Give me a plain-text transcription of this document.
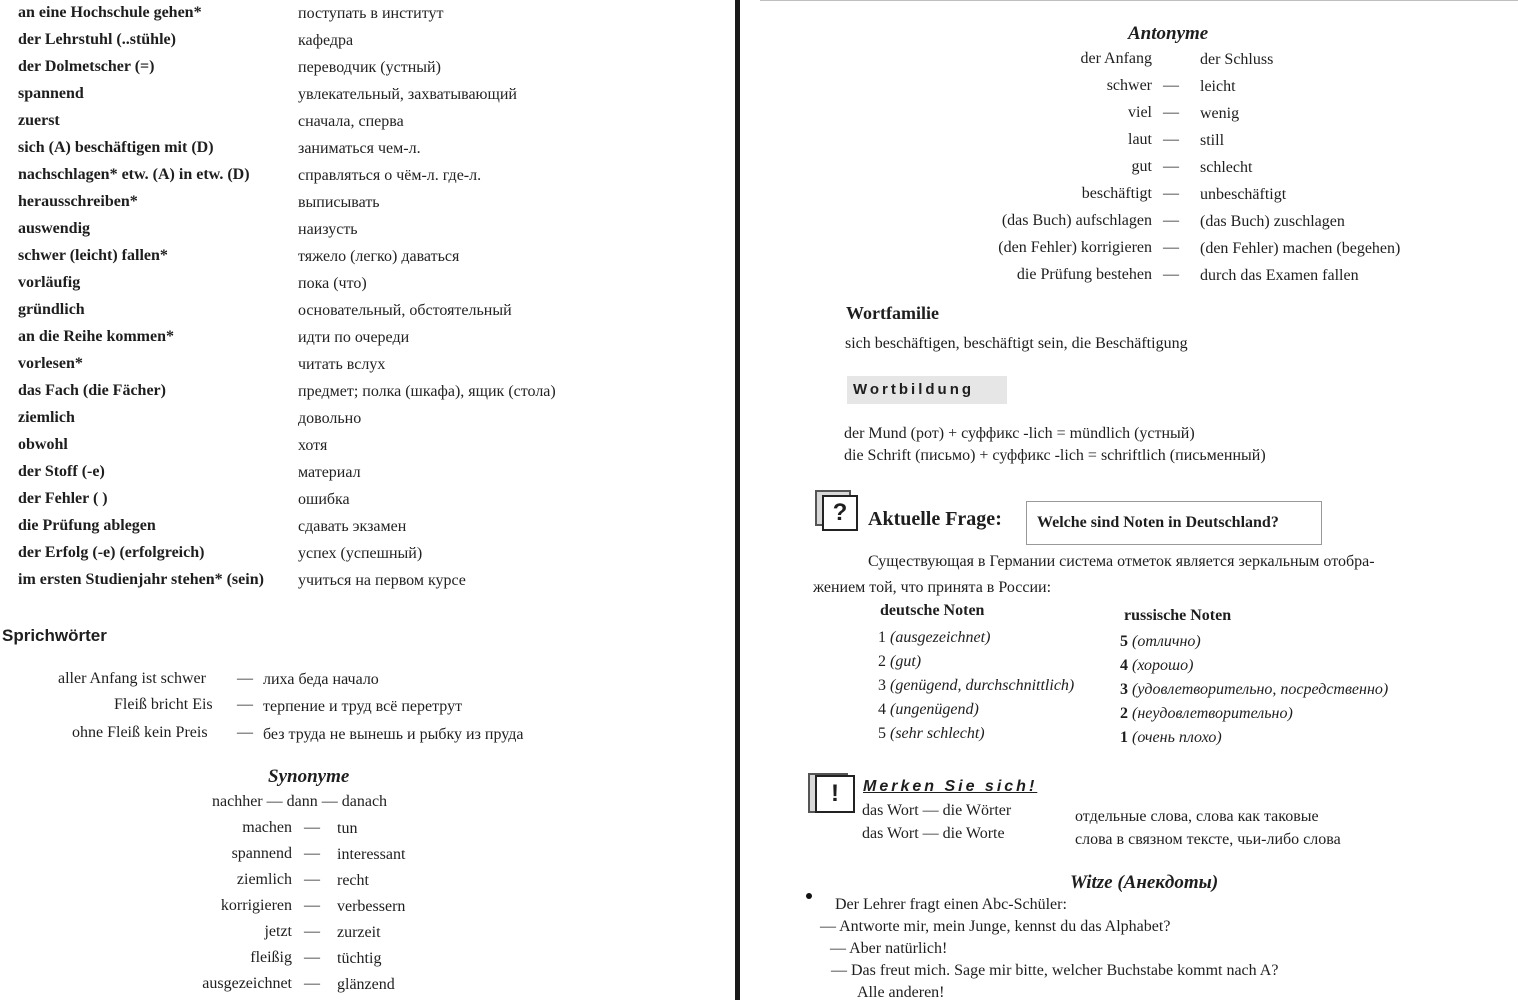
an eine Hochschule gehen*	поступать в институт
der Lehrstuhl (..stühle)	кафедра
der Dolmetscher (=)	переводчик (устный)
spannend	увлекательный, захватывающий
zuerst	сначала, сперва
sich (A) beschäftigen mit (D)	заниматься чем-л.
nachschlagen* etw. (A) in etw. (D)	справляться о чём-л. где-л.
herausschreiben*	выписывать
auswendig	наизусть
schwer (leicht) fallen*	тяжело (легко) даваться
vorläufig	пока (что)
gründlich	основательный, обстоятельный
an die Reihe kommen*	идти по очереди
vorlesen*	читать вслух
das Fach (die Fächer)	предмет; полка (шкафа), ящик (стола)
ziemlich	довольно
obwohl	хотя
der Stoff (-e)	материал
der Fehler ( )	ошибка
die Prüfung ablegen	сдавать экзамен
der Erfolg (-e) (erfolgreich)	успех (успешный)
im ersten Studienjahr stehen* (sein) учиться на первом курсе
Sprichwörter
aller Anfang ist schwer — лиха беда начало
Fleiß bricht Eis — терпение и труд всё перетрут
ohne Fleiß kein Preis — без труда не вынешь и рыбку из пруда
Synonyme
nachher — dann — danach
machen — tun
spannend — interessant
ziemlich — recht
korrigieren — verbessern
jetzt — zurzeit
fleißig — tüchtig
ausgezeichnet — glänzend
Antonyme
der Anfang	der Schluss
schwer — leicht
viel — wenig
laut — still
gut — schlecht
beschäftigt — unbeschäftigt
(das Buch) aufschlagen — (das Buch) zuschlagen
(den Fehler) korrigieren — (den Fehler) machen (begehen)
die Prüfung bestehen — durch das Examen fallen
Wortfamilie
sich beschäftigen, beschäftigt sein, die Beschäftigung
Wortbildung
der Mund (рот) + суффикс -lich = mündlich (устный)
die Schrift (письмо) + суффикс -lich = schriftlich (письменный)
?	Aktuelle Frage:	Welche sind Noten in Deutschland?
Существующая в Германии система отметок является зеркальным отобра-
жением той, что принята в России:
deutsche Noten	russische Noten
1 (ausgezeichnet)	5 (отлично)
2 (gut)	4 (хорошо)
3 (genügend, durchschnittlich)	3 (удовлетворительно, посредственно)
4 (ungenügend)	2 (неудовлетворительно)
5 (sehr schlecht)	1 (очень плохо)
!	Merken Sie sich!
das Wort — die Wörter	отдельные слова, слова как таковые
das Wort — die Worte	слова в связном тексте, чьи-либо слова
Witze (Анекдоты)
Der Lehrer fragt einen Abc-Schüler:
— Antworte mir, mein Junge, kennst du das Alphabet?
— Aber natürlich!
— Das freut mich. Sage mir bitte, welcher Buchstabe kommt nach A?
Alle anderen!
